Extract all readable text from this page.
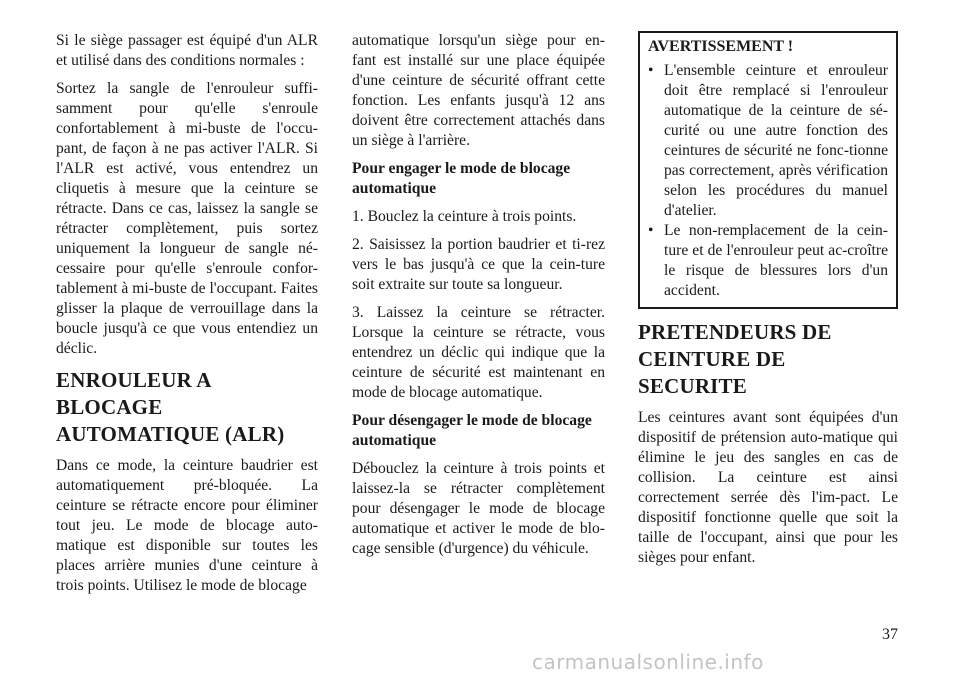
Si le siège passager est équipé d'un ALR et utilisé dans des conditions normales :

Sortez la sangle de l'enrouleur suffi-samment pour qu'elle s'enroule confortablement à mi-buste de l'occu-pant, de façon à ne pas activer l'ALR. Si l'ALR est activé, vous entendrez un cliquetis à mesure que la ceinture se rétracte. Dans ce cas, laissez la sangle se rétracter complètement, puis sortez uniquement la longueur de sangle né-cessaire pour qu'elle s'enroule confor-tablement à mi-buste de l'occupant. Faites glisser la plaque de verrouillage dans la boucle jusqu'à ce que vous entendiez un déclic.

ENROULEUR A BLOCAGE AUTOMATIQUE (ALR)

Dans ce mode, la ceinture baudrier est automatiquement pré-bloquée. La ceinture se rétracte encore pour éliminer tout jeu. Le mode de blocage auto-matique est disponible sur toutes les places arrière munies d'une ceinture à trois points. Utilisez le mode de blocage

automatique lorsqu'un siège pour en-fant est installé sur une place équipée d'une ceinture de sécurité offrant cette fonction. Les enfants jusqu'à 12 ans doivent être correctement attachés dans un siège à l'arrière.

Pour engager le mode de blocage automatique
1. Bouclez la ceinture à trois points.
2. Saisissez la portion baudrier et ti-rez vers le bas jusqu'à ce que la cein-ture soit extraite sur toute sa longueur.
3. Laissez la ceinture se rétracter. Lorsque la ceinture se rétracte, vous entendrez un déclic qui indique que la ceinture de sécurité est maintenant en mode de blocage automatique.
Pour désengager le mode de blocage automatique

Débouclez la ceinture à trois points et laissez-la se rétracter complètement pour désengager le mode de blocage automatique et activer le mode de blo-cage sensible (d'urgence) du véhicule.

AVERTISSEMENT !
• L'ensemble ceinture et enrouleur doit être remplacé si l'enrouleur automatique de la ceinture de sé-curité ou une autre fonction des ceintures de sécurité ne fonc-tionne pas correctement, après vérification selon les procédures du manuel d'atelier.
• Le non-remplacement de la cein-ture et de l'enrouleur peut ac-croître le risque de blessures lors d'un accident.
PRETENDEURS DE CEINTURE DE SECURITE

Les ceintures avant sont équipées d'un dispositif de prétension auto-matique qui élimine le jeu des sangles en cas de collision. La ceinture est ainsi correctement serrée dès l'im-pact. Le dispositif fonctionne quelle que soit la taille de l'occupant, ainsi que pour les sièges pour enfant.

37
carmanualsonline.info
